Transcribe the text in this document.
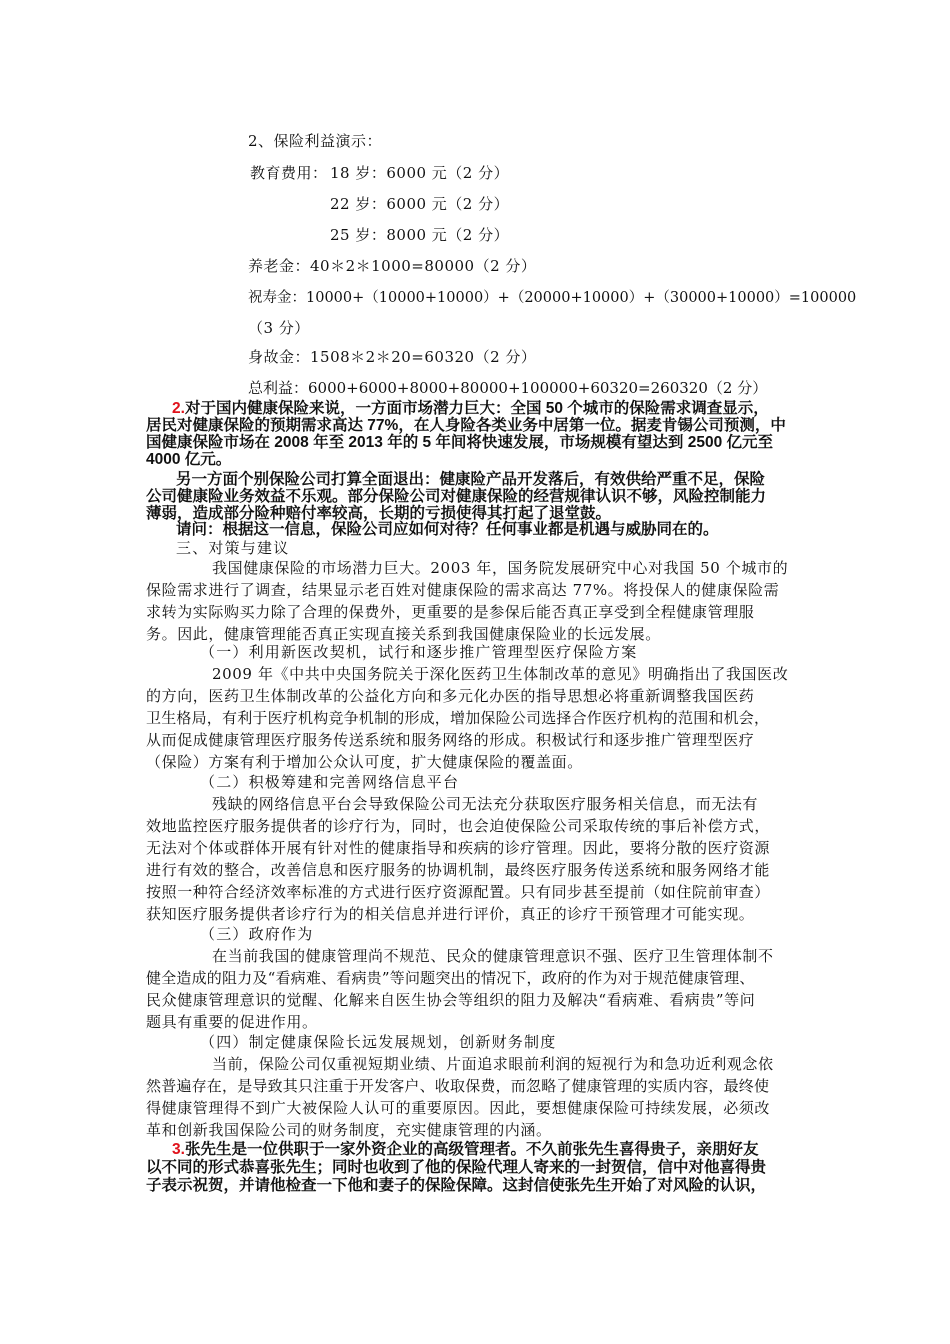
2、保险利益演示：
教育费用： 18 岁：6000 元（2 分）
22 岁：6000 元（2 分）
25 岁：8000 元（2 分）
养老金：40＊2＊1000=80000（2 分）
祝寿金：10000+（10000+10000）+（20000+10000）+（30000+10000）=100000
（3 分）
身故金：1508＊2＊20=60320（2 分）
总利益：6000+6000+8000+80000+100000+60320=260320（2 分）
2.对于国内健康保险来说，一方面市场潜力巨大：全国 50 个城市的保险需求调查显示，
居民对健康保险的预期需求高达 77%，在人身险各类业务中居第一位。据麦肯锡公司预测，中
国健康保险市场在 2008 年至 2013 年的 5 年间将快速发展，市场规模有望达到 2500 亿元至
4000 亿元。
另一方面个别保险公司打算全面退出：健康险产品开发落后，有效供给严重不足，保险
公司健康险业务效益不乐观。部分保险公司对健康保险的经营规律认识不够，风险控制能力
薄弱，造成部分险种赔付率较高，长期的亏损使得其打起了退堂鼓。
请问：根据这一信息，保险公司应如何对待？任何事业都是机遇与威胁同在的。
三、对策与建议
我国健康保险的市场潜力巨大。2003 年，国务院发展研究中心对我国 50 个城市的
保险需求进行了调查，结果显示老百姓对健康保险的需求高达 77%。将投保人的健康保险需
求转为实际购买力除了合理的保费外，更重要的是参保后能否真正享受到全程健康管理服
务。因此，健康管理能否真正实现直接关系到我国健康保险业的长远发展。
（一）利用新医改契机，试行和逐步推广管理型医疗保险方案
2009 年《中共中央国务院关于深化医药卫生体制改革的意见》明确指出了我国医改
的方向，医药卫生体制改革的公益化方向和多元化办医的指导思想必将重新调整我国医药
卫生格局，有利于医疗机构竞争机制的形成，增加保险公司选择合作医疗机构的范围和机会，
从而促成健康管理医疗服务传送系统和服务网络的形成。积极试行和逐步推广管理型医疗
（保险）方案有利于增加公众认可度，扩大健康保险的覆盖面。
（二）积极筹建和完善网络信息平台
残缺的网络信息平台会导致保险公司无法充分获取医疗服务相关信息，而无法有
效地监控医疗服务提供者的诊疗行为，同时，也会迫使保险公司采取传统的事后补偿方式，
无法对个体或群体开展有针对性的健康指导和疾病的诊疗管理。因此，要将分散的医疗资源
进行有效的整合，改善信息和医疗服务的协调机制，最终医疗服务传送系统和服务网络才能
按照一种符合经济效率标准的方式进行医疗资源配置。只有同步甚至提前（如住院前审查）
获知医疗服务提供者诊疗行为的相关信息并进行评价，真正的诊疗干预管理才可能实现。
（三）政府作为
在当前我国的健康管理尚不规范、民众的健康管理意识不强、医疗卫生管理体制不
健全造成的阻力及“看病难、看病贵”等问题突出的情况下，政府的作为对于规范健康管理、
民众健康管理意识的觉醒、化解来自医生协会等组织的阻力及解决“看病难、看病贵”等问
题具有重要的促进作用。
（四）制定健康保险长远发展规划，创新财务制度
当前，保险公司仅重视短期业绩、片面追求眼前利润的短视行为和急功近利观念依
然普遍存在，是导致其只注重于开发客户、收取保费，而忽略了健康管理的实质内容，最终使
得健康管理得不到广大被保险人认可的重要原因。因此，要想健康保险可持续发展，必须改
革和创新我国保险公司的财务制度，充实健康管理的内涵。
3.张先生是一位供职于一家外资企业的高级管理者。不久前张先生喜得贵子，亲朋好友
以不同的形式恭喜张先生；同时也收到了他的保险代理人寄来的一封贺信，信中对他喜得贵
子表示祝贺，并请他检查一下他和妻子的保险保障。这封信使张先生开始了对风险的认识，
